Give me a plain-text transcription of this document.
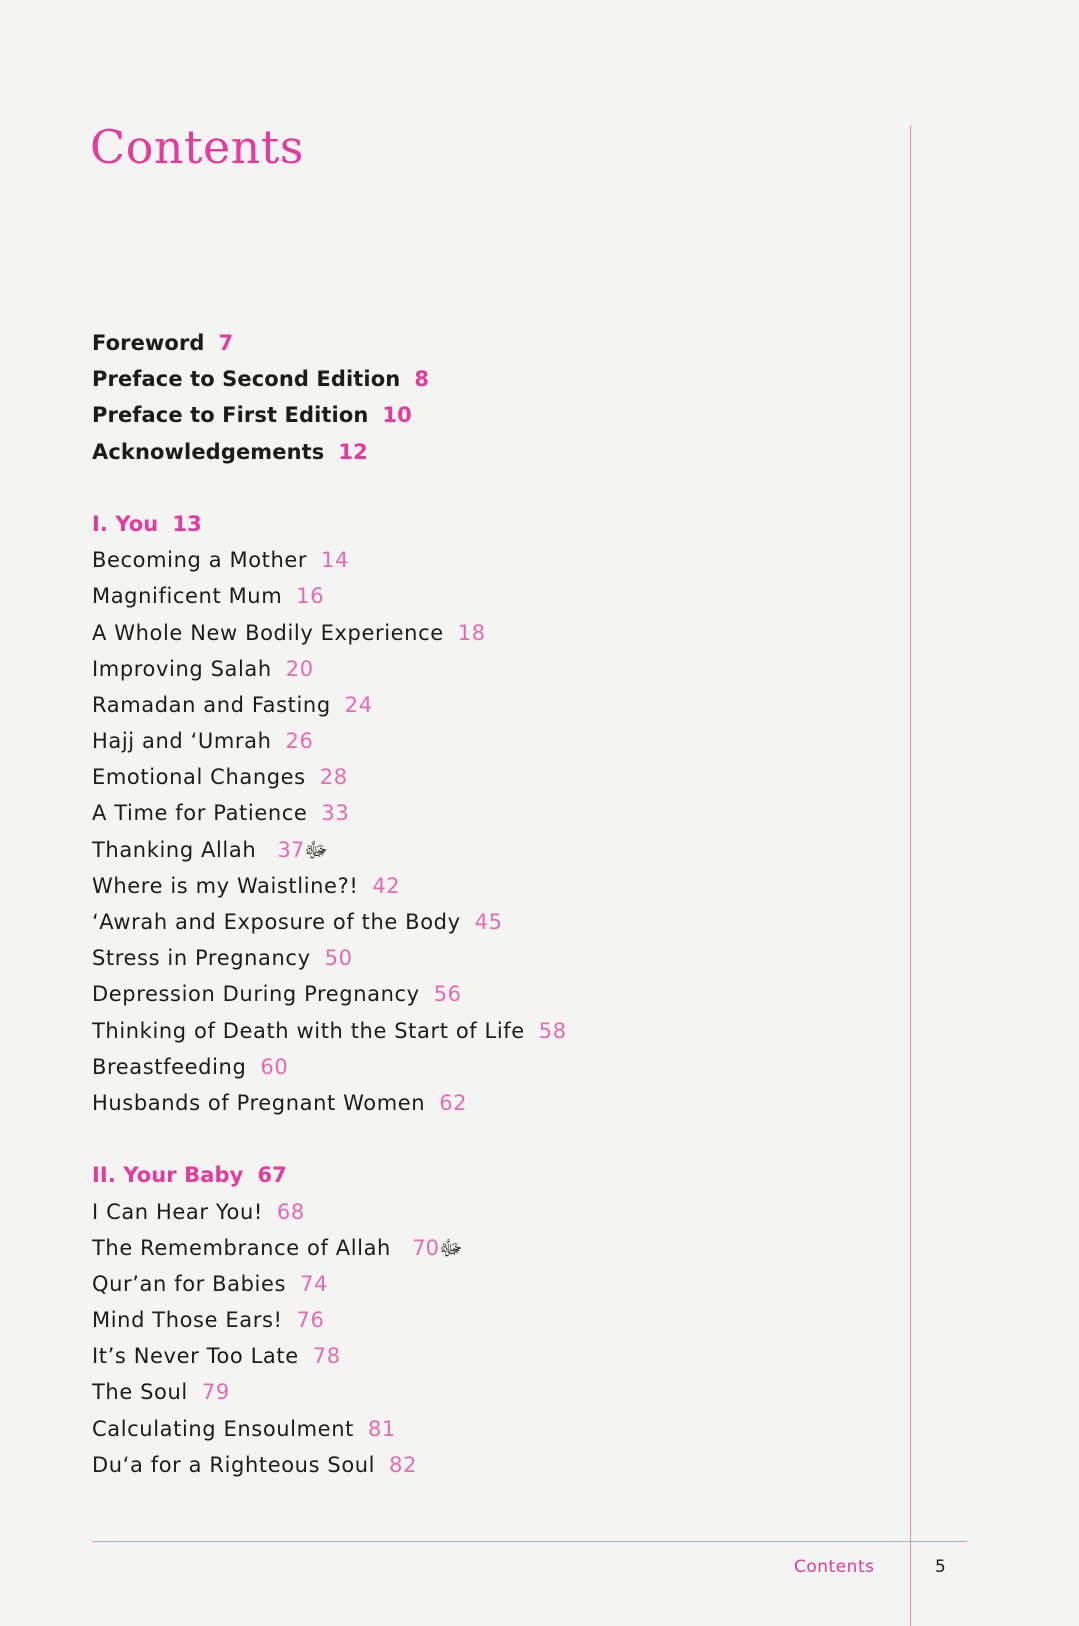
Contents
Foreword 7
Preface to Second Edition 8
Preface to First Edition 10
Acknowledgements 12
I. You 13
Becoming a Mother 14
Magnificent Mum 16
A Whole New Bodily Experience 18
Improving Salah 20
Ramadan and Fasting 24
Hajj and ‘Umrah 26
Emotional Changes 28
A Time for Patience 33
Thanking Allah ﷻ37
Where is my Waistline?! 42
‘Awrah and Exposure of the Body 45
Stress in Pregnancy 50
Depression During Pregnancy 56
Thinking of Death with the Start of Life 58
Breastfeeding 60
Husbands of Pregnant Women 62
II. Your Baby 67
I Can Hear You! 68
The Remembrance of Allah ﷻ70
Qur’an for Babies 74
Mind Those Ears! 76
It’s Never Too Late 78
The Soul 79
Calculating Ensoulment 81
Du‘a for a Righteous Soul 82
Contents	5
